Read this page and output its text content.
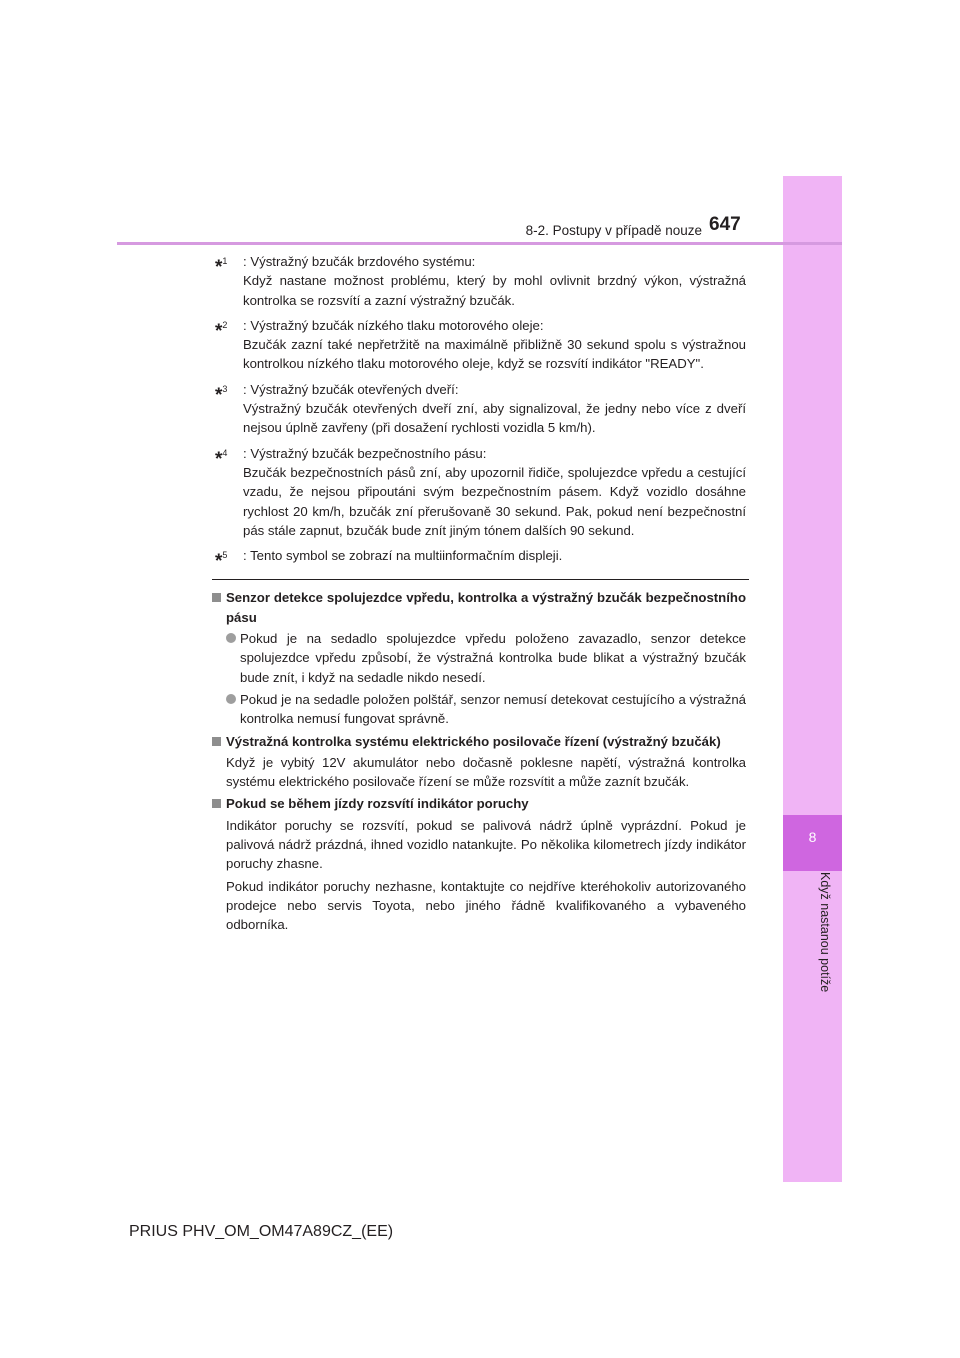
8
Když nastanou potíže
8-2. Postupy v případě nouze 647
*$^1$ : Výstražný bzučák brzdového systému:
Když nastane možnost problému, který by mohl ovlivnit brzdný výkon, výstražná kontrolka se rozsvítí a zazní výstražný bzučák.
*$^2$ : Výstražný bzučák nízkého tlaku motorového oleje:
Bzučák zazní také nepřetržitě na maximálně přibližně 30 sekund spolu s výstražnou kontrolkou nízkého tlaku motorového oleje, když se rozsvítí indikátor "READY".
*$^3$ : Výstražný bzučák otevřených dveří:
Výstražný bzučák otevřených dveří zní, aby signalizoval, že jedny nebo více z dveří nejsou úplně zavřeny (při dosažení rychlosti vozidla 5 km/h).
*$^4$ : Výstražný bzučák bezpečnostního pásu:
Bzučák bezpečnostních pásů zní, aby upozornil řidiče, spolujezdce vpředu a cestující vzadu, že nejsou připoutáni svým bezpečnostním pásem. Když vozidlo dosáhne rychlost 20 km/h, bzučák zní přerušovaně 30 sekund. Pak, pokud není bezpečnostní pás stále zapnut, bzučák bude znít jiným tónem dalších 90 sekund.
*$^5$ : Tento symbol se zobrazí na multiinformačním displeji.
Senzor detekce spolujezdce vpředu, kontrolka a výstražný bzučák bezpečnostního pásu
Pokud je na sedadlo spolujezdce vpředu položeno zavazadlo, senzor detekce spolujezdce vpředu způsobí, že výstražná kontrolka bude blikat a výstražný bzučák bude znít, i když na sedadle nikdo nesedí.
Pokud je na sedadle položen polštář, senzor nemusí detekovat cestujícího a výstražná kontrolka nemusí fungovat správně.
Výstražná kontrolka systému elektrického posilovače řízení (výstražný bzučák)
Když je vybitý 12V akumulátor nebo dočasně poklesne napětí, výstražná kontrolka systému elektrického posilovače řízení se může rozsvítit a může zaznít bzučák.
Pokud se během jízdy rozsvítí indikátor poruchy
Indikátor poruchy se rozsvítí, pokud se palivová nádrž úplně vyprázdní. Pokud je palivová nádrž prázdná, ihned vozidlo natankujte. Po několika kilometrech jízdy indikátor poruchy zhasne.
Pokud indikátor poruchy nezhasne, kontaktujte co nejdříve kteréhokoliv autorizovaného prodejce nebo servis Toyota, nebo jiného řádně kvalifikovaného a vybaveného odborníka.
PRIUS PHV_OM_OM47A89CZ_(EE)
